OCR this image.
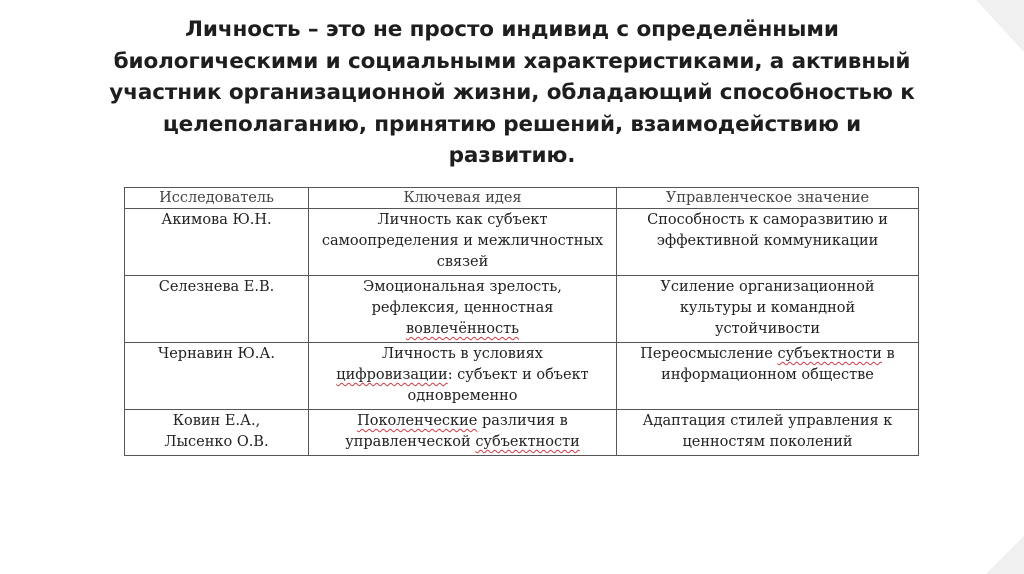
Личность – это не просто индивид с определёнными
биологическими и социальными характеристиками, а активный
участник организационной жизни, обладающий способностью к
целеполаганию, принятию решений, взаимодействию и
развитию.
Исследователь	Ключевая идея	Управленческое значение

Акимова Ю.Н.	Личность как субъект
самоопределения и межличностных
связей	Способность к саморазвитию и
эффективной коммуникации

Селезнева Е.В.	Эмоциональная зрелость,
рефлексия, ценностная
вовлечённость	Усиление организационной
культуры и командной
устойчивости

Чернавин Ю.А.	Личность в условиях
цифровизации: субъект и объект
одновременно	Переосмысление субъектности в
информационном обществе

Ковин Е.А.,
Лысенко О.В.	Поколенческие различия в
управленческой субъектности	Адаптация стилей управления к
ценностям поколений
